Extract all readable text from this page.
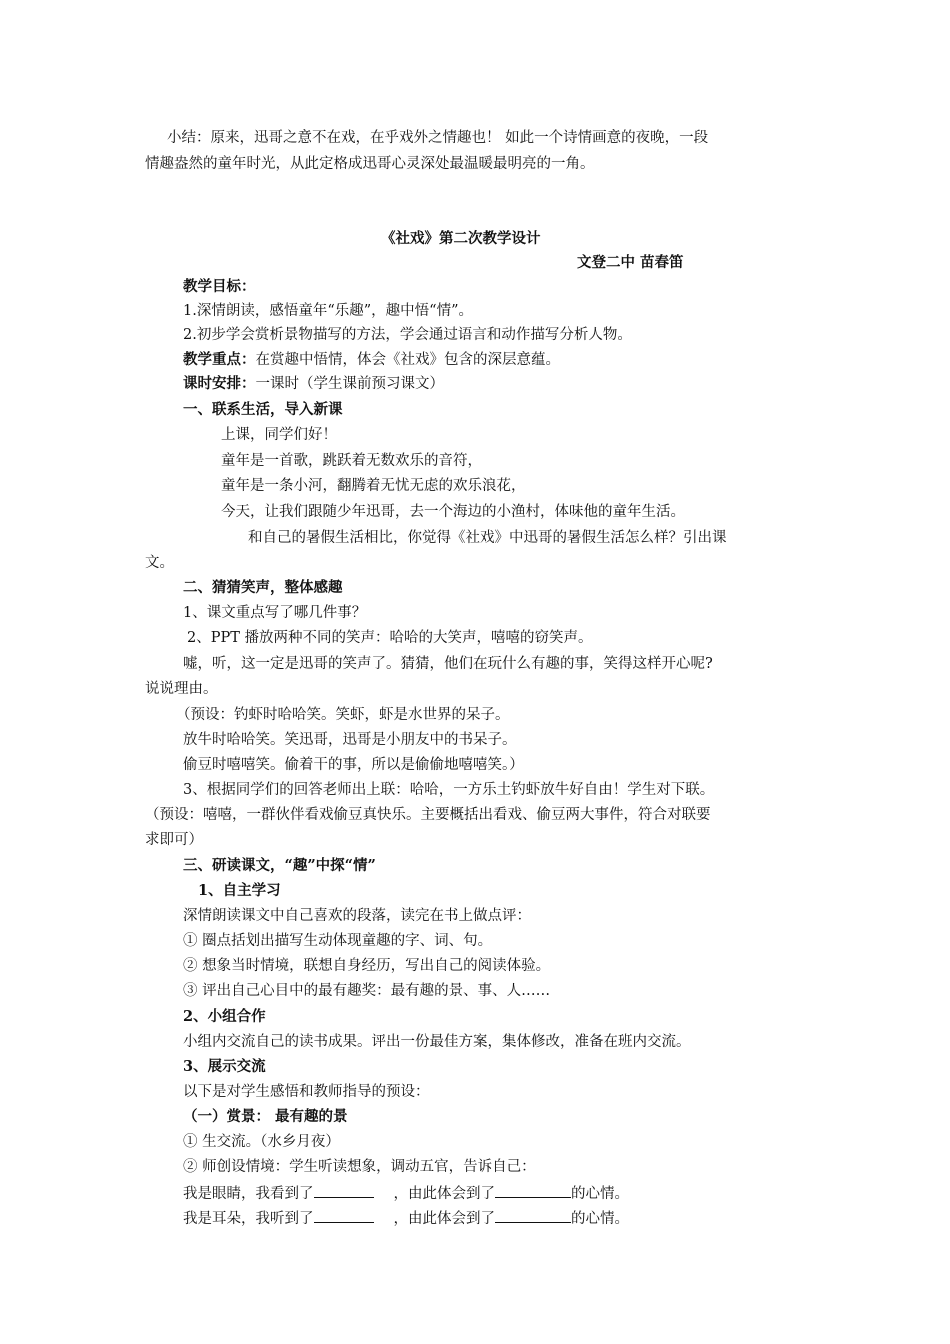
小结：原来，迅哥之意不在戏，在乎戏外之情趣也！ 如此一个诗情画意的夜晚，一段
情趣盎然的童年时光，从此定格成迅哥心灵深处最温暖最明亮的一角。
《社戏》第二次教学设计
文登二中 苗春笛
教学目标：
1.深情朗读，感悟童年“乐趣”，趣中悟“情”。
2.初步学会赏析景物描写的方法，学会通过语言和动作描写分析人物。
教学重点：在赏趣中悟情，体会《社戏》包含的深层意蕴。
课时安排：一课时（学生课前预习课文）
一、联系生活，导入新课
上课，同学们好！
童年是一首歌，跳跃着无数欢乐的音符，
童年是一条小河，翻腾着无忧无虑的欢乐浪花，
今天，让我们跟随少年迅哥，去一个海边的小渔村，体味他的童年生活。
和自己的暑假生活相比，你觉得《社戏》中迅哥的暑假生活怎么样？引出课
文。
二、猜猜笑声，整体感趣
1、课文重点写了哪几件事？
2、PPT 播放两种不同的笑声：哈哈的大笑声，嘻嘻的窃笑声。
嘘，听，这一定是迅哥的笑声了。猜猜，他们在玩什么有趣的事，笑得这样开心呢?
说说理由。
（预设：钓虾时哈哈笑。笑虾，虾是水世界的呆子。
放牛时哈哈笑。笑迅哥，迅哥是小朋友中的书呆子。
偷豆时嘻嘻笑。偷着干的事，所以是偷偷地嘻嘻笑。）
3、根据同学们的回答老师出上联：哈哈，一方乐土钓虾放牛好自由！学生对下联。
（预设：嘻嘻，一群伙伴看戏偷豆真快乐。主要概括出看戏、偷豆两大事件，符合对联要
求即可）
三、研读课文，“趣”中探“情”
1、自主学习
深情朗读课文中自己喜欢的段落，读完在书上做点评：
① 圈点括划出描写生动体现童趣的字、词、句。
② 想象当时情境，联想自身经历，写出自己的阅读体验。
③ 评出自己心目中的最有趣奖：最有趣的景、事、人……
2、小组合作
小组内交流自己的读书成果。评出一份最佳方案，集体修改，准备在班内交流。
3、展示交流
以下是对学生感悟和教师指导的预设：
（一）赏景： 最有趣的景
① 生交流。（水乡月夜）
② 师创设情境：学生听读想象，调动五官，告诉自己：
我是眼睛，我看到了	，由此体会到了	的心情。
我是耳朵，我听到了	，由此体会到了	的心情。
